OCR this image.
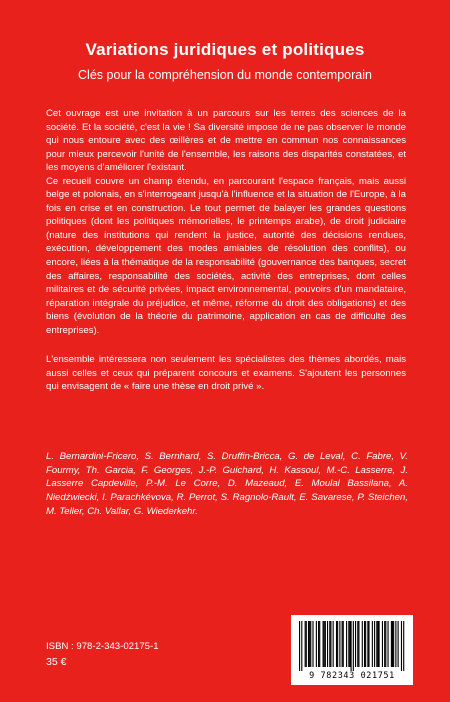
Variations juridiques et politiques
Clés pour la compréhension du monde contemporain

Cet ouvrage est une invitation à un parcours sur les terres des sciences de la société. Et la société, c'est la vie ! Sa diversité impose de ne pas observer le monde qui nous entoure avec des œillères et de mettre en commun nos connaissances pour mieux percevoir l'unité de l'ensemble, les raisons des disparités constatées, et les moyens d'améliorer l'existant.

Ce recueil couvre un champ étendu, en parcourant l'espace français, mais aussi belge et polonais, en s'interrogeant jusqu'à l'influence et la situation de l'Europe, à la fois en crise et en construction. Le tout permet de balayer les grandes questions politiques (dont les politiques mémorielles, le printemps arabe), de droit judiciaire (nature des institutions qui rendent la justice, autorité des décisions rendues, exécution, développement des modes amiables de résolution des conflits), ou encore, liées à la thématique de la responsabilité (gouvernance des banques, secret des affaires, responsabilité des sociétés, activité des entreprises, dont celles militaires et de sécurité privées, impact environnemental, pouvoirs d'un mandataire, réparation intégrale du préjudice, et même, réforme du droit des obligations) et des biens (évolution de la théorie du patrimoine, application en cas de difficulté des entreprises).

L'ensemble intéressera non seulement les spécialistes des thèmes abordés, mais aussi celles et ceux qui préparent concours et examens. S'ajoutent les personnes qui envisagent de « faire une thèse en droit privé ».

L. Bernardini-Fricero, S. Bernhard, S. Druffin-Bricca, G. de Leval, C. Fabre, V. Fourmy, Th. Garcia, F. Georges, J.-P. Guichard, H. Kassoul, M.-C. Lasserre, J. Lasserre Capdeville, P.-M. Le Corre, D. Mazeaud, E. Moulal Bassilana, A. Niedźwiecki, I. Parachkévova, R. Perrot, S. Ragnolo-Rault, E. Savarese, P. Steichen, M. Teller, Ch. Vallar, G. Wiederkehr.
ISBN : 978-2-343-02175-1
35 €
9 782343 021751
